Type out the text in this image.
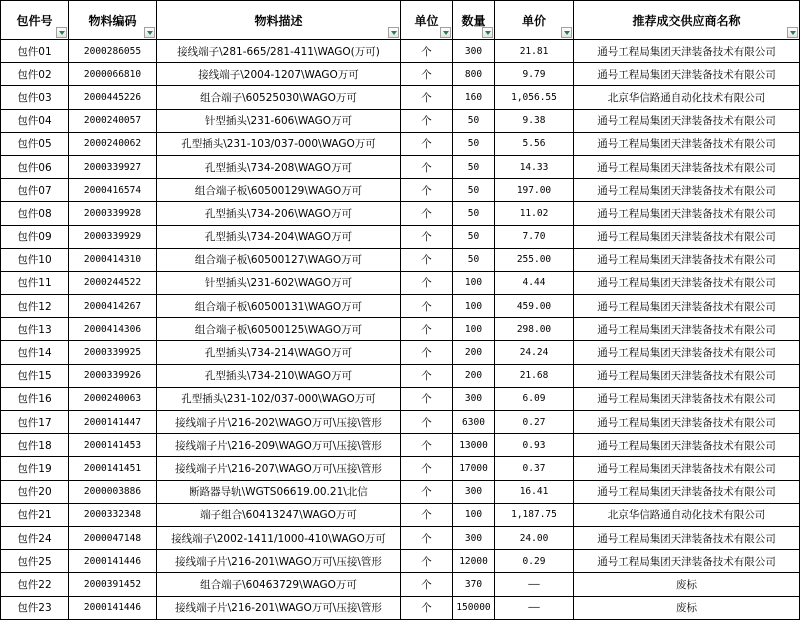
包件号	物料编码	物料描述	单位	数量	单价	推荐成交供应商名称

包件01	2000286055	接线端子\281-665/281-411\WAGO(万可)	个	300	21.81	通号工程局集团天津装备技术有限公司
包件02	2000066810	接线端子\2004-1207\WAGO万可	个	800	9.79	通号工程局集团天津装备技术有限公司
包件03	2000445226	组合端子\60525030\WAGO万可	个	160	1,056.55	北京华信路通自动化技术有限公司
包件04	2000240057	针型插头\231-606\WAGO万可	个	50	9.38	通号工程局集团天津装备技术有限公司
包件05	2000240062	孔型插头\231-103/037-000\WAGO万可	个	50	5.56	通号工程局集团天津装备技术有限公司
包件06	2000339927	孔型插头\734-208\WAGO万可	个	50	14.33	通号工程局集团天津装备技术有限公司
包件07	2000416574	组合端子板\60500129\WAGO万可	个	50	197.00	通号工程局集团天津装备技术有限公司
包件08	2000339928	孔型插头\734-206\WAGO万可	个	50	11.02	通号工程局集团天津装备技术有限公司
包件09	2000339929	孔型插头\734-204\WAGO万可	个	50	7.70	通号工程局集团天津装备技术有限公司
包件10	2000414310	组合端子板\60500127\WAGO万可	个	50	255.00	通号工程局集团天津装备技术有限公司
包件11	2000244522	针型插头\231-602\WAGO万可	个	100	4.44	通号工程局集团天津装备技术有限公司
包件12	2000414267	组合端子板\60500131\WAGO万可	个	100	459.00	通号工程局集团天津装备技术有限公司
包件13	2000414306	组合端子板\60500125\WAGO万可	个	100	298.00	通号工程局集团天津装备技术有限公司
包件14	2000339925	孔型插头\734-214\WAGO万可	个	200	24.24	通号工程局集团天津装备技术有限公司
包件15	2000339926	孔型插头\734-210\WAGO万可	个	200	21.68	通号工程局集团天津装备技术有限公司
包件16	2000240063	孔型插头\231-102/037-000\WAGO万可	个	300	6.09	通号工程局集团天津装备技术有限公司
包件17	2000141447	接线端子片\216-202\WAGO万可\压接\管形	个	6300	0.27	通号工程局集团天津装备技术有限公司
包件18	2000141453	接线端子片\216-209\WAGO万可\压接\管形	个	13000	0.93	通号工程局集团天津装备技术有限公司
包件19	2000141451	接线端子片\216-207\WAGO万可\压接\管形	个	17000	0.37	通号工程局集团天津装备技术有限公司
包件20	2000003886	断路器导轨\WGTS06619.00.21\北信	个	300	16.41	通号工程局集团天津装备技术有限公司
包件21	2000332348	端子组合\60413247\WAGO万可	个	100	1,187.75	北京华信路通自动化技术有限公司
包件24	2000047148	接线端子\2002-1411/1000-410\WAGO万可	个	300	24.00	通号工程局集团天津装备技术有限公司
包件25	2000141446	接线端子片\216-201\WAGO万可\压接\管形	个	12000	0.29	通号工程局集团天津装备技术有限公司
包件22	2000391452	组合端子\60463729\WAGO万可	个	370	——	废标
包件23	2000141446	接线端子片\216-201\WAGO万可\压接\管形	个	150000	——	废标
